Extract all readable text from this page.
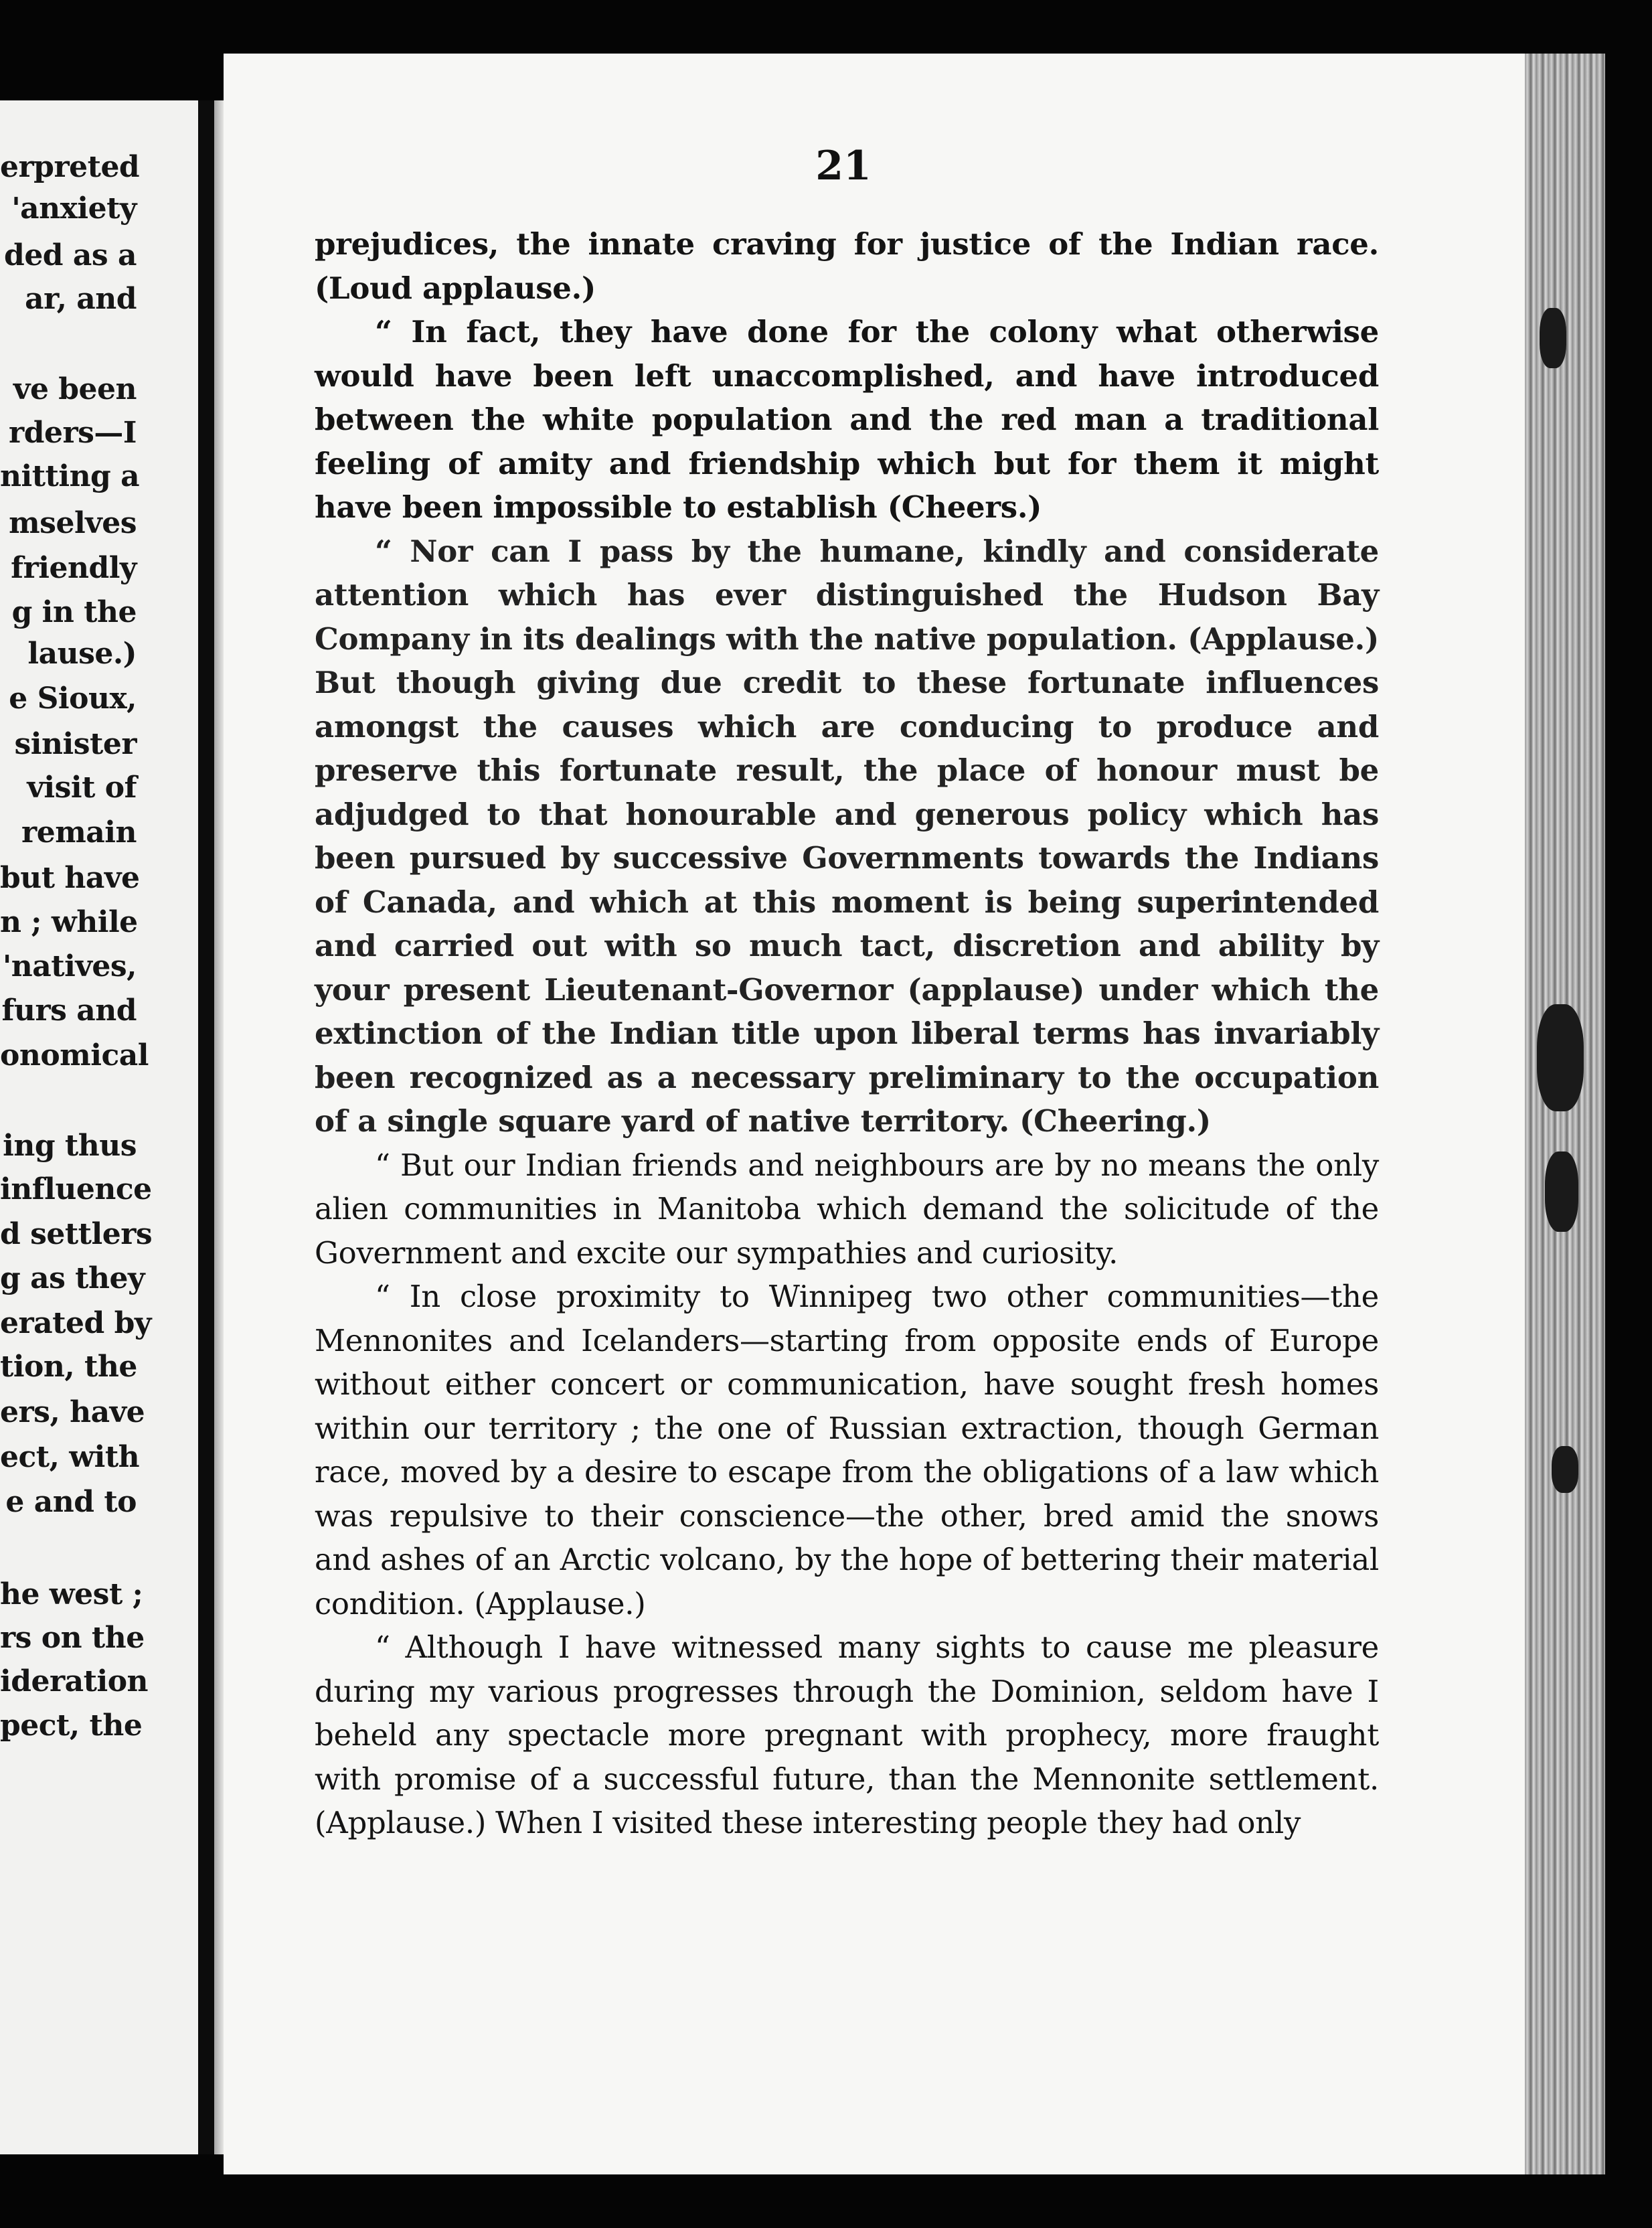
erpreted
'anxiety
ded as a
ar, and
ve been
rders—I
nitting a
mselves
friendly
g in the
lause.)
e Sioux,
sinister
visit of
remain
but have
n ; while
'natives,
furs and
onomical
ing thus
influence
d settlers
g as they
erated by
tion, the
ers, have
ect, with
e and to
he west ;
rs on the
ideration
pect, the
21

prejudices, the innate craving for justice of the Indian race. (Loud applause.)

“ In fact, they have done for the colony what otherwise would have been left unaccomplished, and have introduced between the white population and the red man a traditional feeling of amity and friendship which but for them it might have been impossible to establish (Cheers.)

“ Nor can I pass by the humane, kindly and considerate attention which has ever distinguished the Hudson Bay Company in its dealings with the native population. (Applause.) But though giving due credit to these fortunate influences amongst the causes which are conducing to produce and preserve this fortunate result, the place of honour must be adjudged to that honourable and generous policy which has been pursued by successive Governments towards the Indians of Canada, and which at this moment is being superintended and carried out with so much tact, discretion and ability by your present Lieutenant-Governor (applause) under which the extinction of the Indian title upon liberal terms has invariably been recognized as a necessary preliminary to the occupation of a single square yard of native territory. (Cheering.)

“ But our Indian friends and neighbours are by no means the only alien communities in Manitoba which demand the solicitude of the Government and excite our sympathies and curiosity.

“ In close proximity to Winnipeg two other communities—the Mennonites and Icelanders—starting from opposite ends of Europe without either concert or communication, have sought fresh homes within our territory ; the one of Russian extraction, though German race, moved by a desire to escape from the obligations of a law which was repulsive to their conscience—the other, bred amid the snows and ashes of an Arctic volcano, by the hope of bettering their material condition. (Applause.)

“ Although I have witnessed many sights to cause me pleasure during my various progresses through the Dominion, seldom have I beheld any spectacle more pregnant with prophecy, more fraught with promise of a successful future, than the Mennonite settlement. (Applause.) When I visited these interesting people they had only
